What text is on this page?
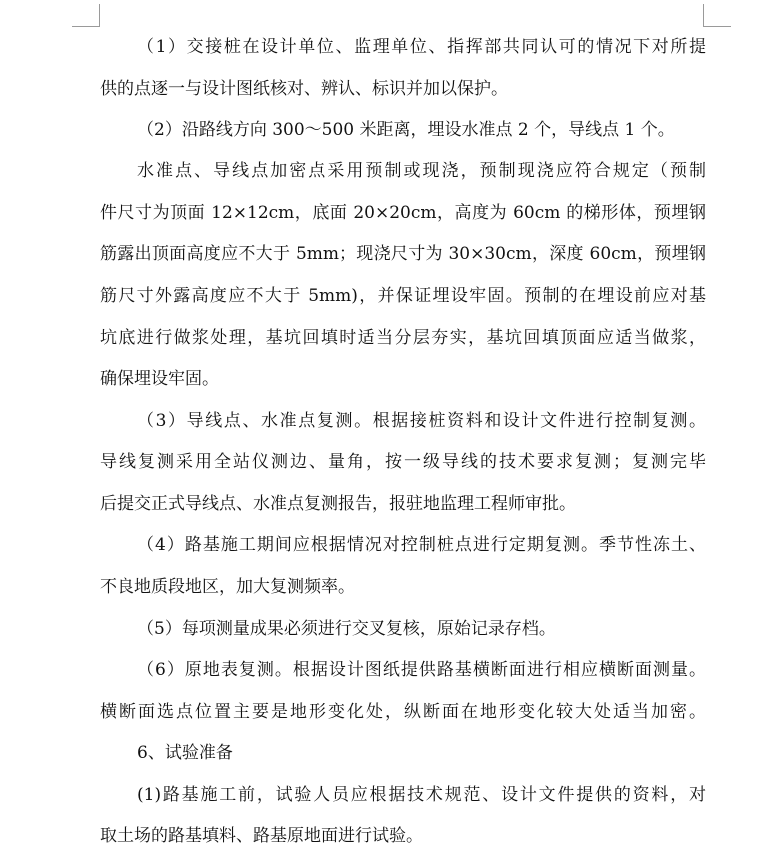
（1）交接桩在设计单位、监理单位、指挥部共同认可的情况下对所提
供的点逐一与设计图纸核对、辨认、标识并加以保护。
（2）沿路线方向 300～500 米距离，埋设水准点 2 个，导线点 1 个。
水准点、导线点加密点采用预制或现浇，预制现浇应符合规定（预制
件尺寸为顶面 12×12cm，底面 20×20cm，高度为 60cm 的梯形体，预埋钢
筋露出顶面高度应不大于 5mm；现浇尺寸为 30×30cm，深度 60cm，预埋钢
筋尺寸外露高度应不大于 5mm)，并保证埋设牢固。预制的在埋设前应对基
坑底进行做浆处理，基坑回填时适当分层夯实，基坑回填顶面应适当做浆，
确保埋设牢固。
（3）导线点、水准点复测。根据接桩资料和设计文件进行控制复测。
导线复测采用全站仪测边、量角，按一级导线的技术要求复测；复测完毕
后提交正式导线点、水准点复测报告，报驻地监理工程师审批。
（4）路基施工期间应根据情况对控制桩点进行定期复测。季节性冻土、
不良地质段地区，加大复测频率。
（5）每项测量成果必须进行交叉复核，原始记录存档。
（6）原地表复测。根据设计图纸提供路基横断面进行相应横断面测量。
横断面选点位置主要是地形变化处，纵断面在地形变化较大处适当加密。
6、试验准备
(1)路基施工前，试验人员应根据技术规范、设计文件提供的资料，对
取土场的路基填料、路基原地面进行试验。
